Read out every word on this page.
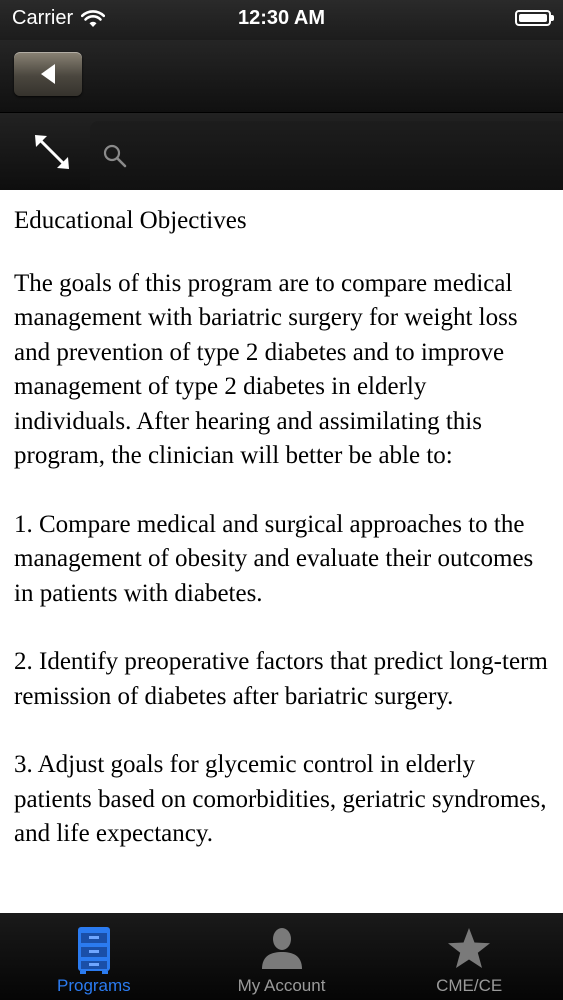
Carrier	12:30 AM

Educational Objectives

The goals of this program are to compare medical management with bariatric surgery for weight loss and prevention of type 2 diabetes and to improve management of type 2 diabetes in elderly individuals. After hearing and assimilating this program, the clinician will better be able to:

1. Compare medical and surgical approaches to the management of obesity and evaluate their outcomes in patients with diabetes.

2. Identify preoperative factors that predict long-term remission of diabetes after bariatric surgery.

3. Adjust goals for glycemic control in elderly patients based on comorbidities, geriatric syndromes, and life expectancy.

Programs	My Account	CME/CE
